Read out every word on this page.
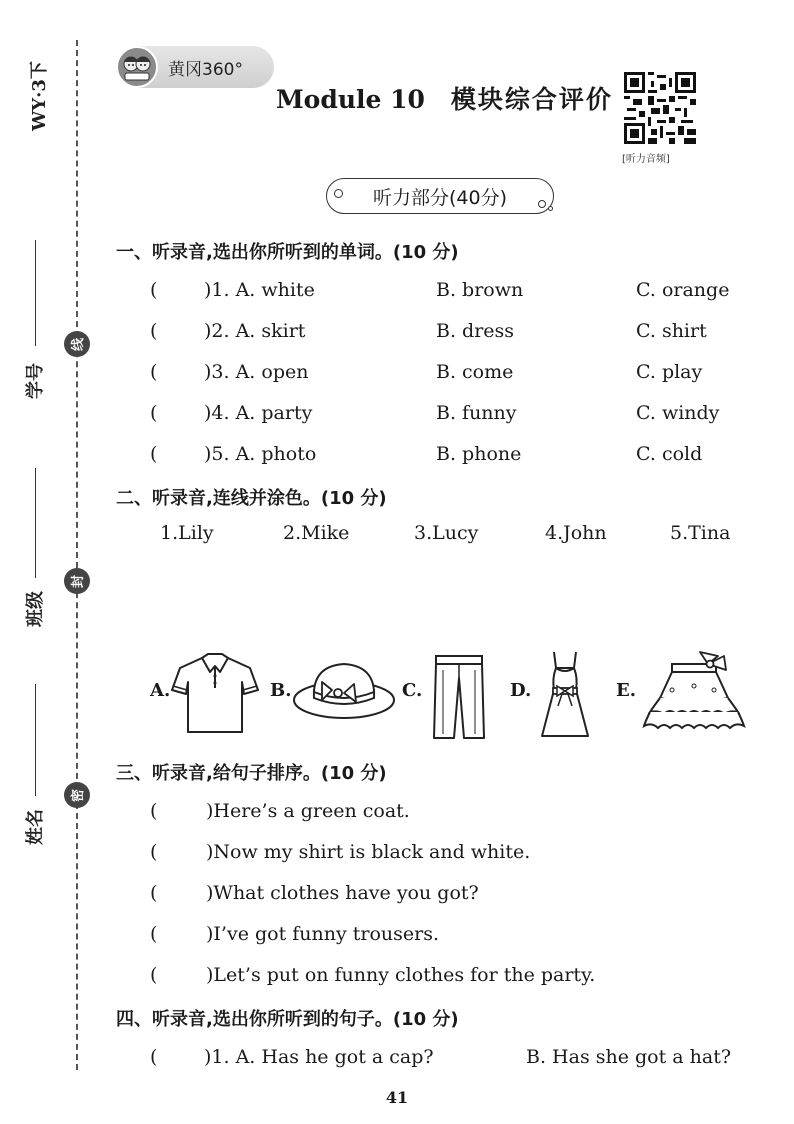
WY·3下
学号
班级
姓名
线
封
密
黄冈360°
Module 10 模块综合评价
[听力音频]
听力部分(40分)
一、听录音,选出你所听到的单词。(10 分)
( )1. A. white	B. brown	C. orange
( )2. A. skirt	B. dress	C. shirt
( )3. A. open	B. come	C. play
( )4. A. party	B. funny	C. windy
( )5. A. photo	B. phone	C. cold
二、听录音,连线并涂色。(10 分)
1.Lily	2.Mike	3.Lucy	4.John	5.Tina
A.	B.	C.	D.	E.
三、听录音,给句子排序。(10 分)
(	)Here’s a green coat.
(	)Now my shirt is black and white.
(	)What clothes have you got?
(	)I’ve got funny trousers.
(	)Let’s put on funny clothes for the party.
四、听录音,选出你所听到的句子。(10 分)
( )1. A. Has he got a cap?	B. Has she got a hat?
41
